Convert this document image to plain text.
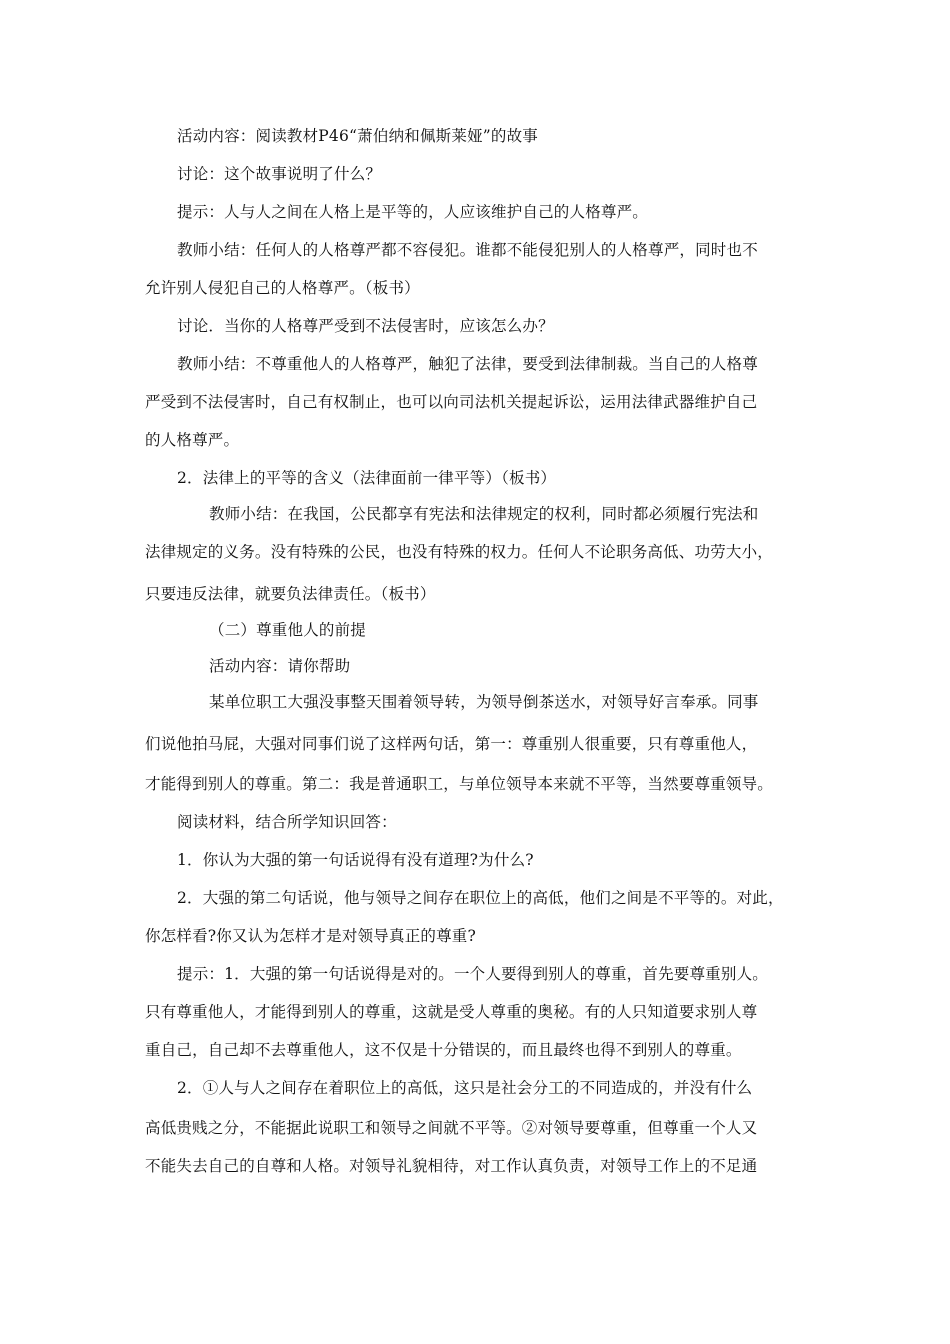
活动内容：阅读教材P46“萧伯纳和佩斯莱娅”的故事
讨论：这个故事说明了什么？
提示：人与人之间在人格上是平等的，人应该维护自己的人格尊严。
教师小结：任何人的人格尊严都不容侵犯。谁都不能侵犯别人的人格尊严，同时也不
允许别人侵犯自己的人格尊严。（板书）
讨论．当你的人格尊严受到不法侵害时，应该怎么办？
教师小结：不尊重他人的人格尊严，触犯了法律，要受到法律制裁。当自己的人格尊
严受到不法侵害时，自己有权制止，也可以向司法机关提起诉讼，运用法律武器维护自己
的人格尊严。
2．法律上的平等的含义（法律面前一律平等）（板书）
教师小结：在我国，公民都享有宪法和法律规定的权利，同时都必须履行宪法和
法律规定的义务。没有特殊的公民，也没有特殊的权力。任何人不论职务高低、功劳大小，
只要违反法律，就要负法律责任。（板书）
（二）尊重他人的前提
活动内容：请你帮助
某单位职工大强没事整天围着领导转，为领导倒茶送水，对领导好言奉承。同事
们说他拍马屁，大强对同事们说了这样两句话，第一：尊重别人很重要，只有尊重他人，
才能得到别人的尊重。第二：我是普通职工，与单位领导本来就不平等，当然要尊重领导。
阅读材料，结合所学知识回答：
1．你认为大强的第一句话说得有没有道理?为什么?
2．大强的第二句话说，他与领导之间存在职位上的高低，他们之间是不平等的。对此，
你怎样看?你又认为怎样才是对领导真正的尊重?
提示：1．大强的第一句话说得是对的。一个人要得到别人的尊重，首先要尊重别人。
只有尊重他人，才能得到别人的尊重，这就是受人尊重的奥秘。有的人只知道要求别人尊
重自己，自己却不去尊重他人，这不仅是十分错误的，而且最终也得不到别人的尊重。
2．①人与人之间存在着职位上的高低，这只是社会分工的不同造成的，并没有什么
高低贵贱之分，不能据此说职工和领导之间就不平等。②对领导要尊重，但尊重一个人又
不能失去自己的自尊和人格。对领导礼貌相待，对工作认真负责，对领导工作上的不足通
